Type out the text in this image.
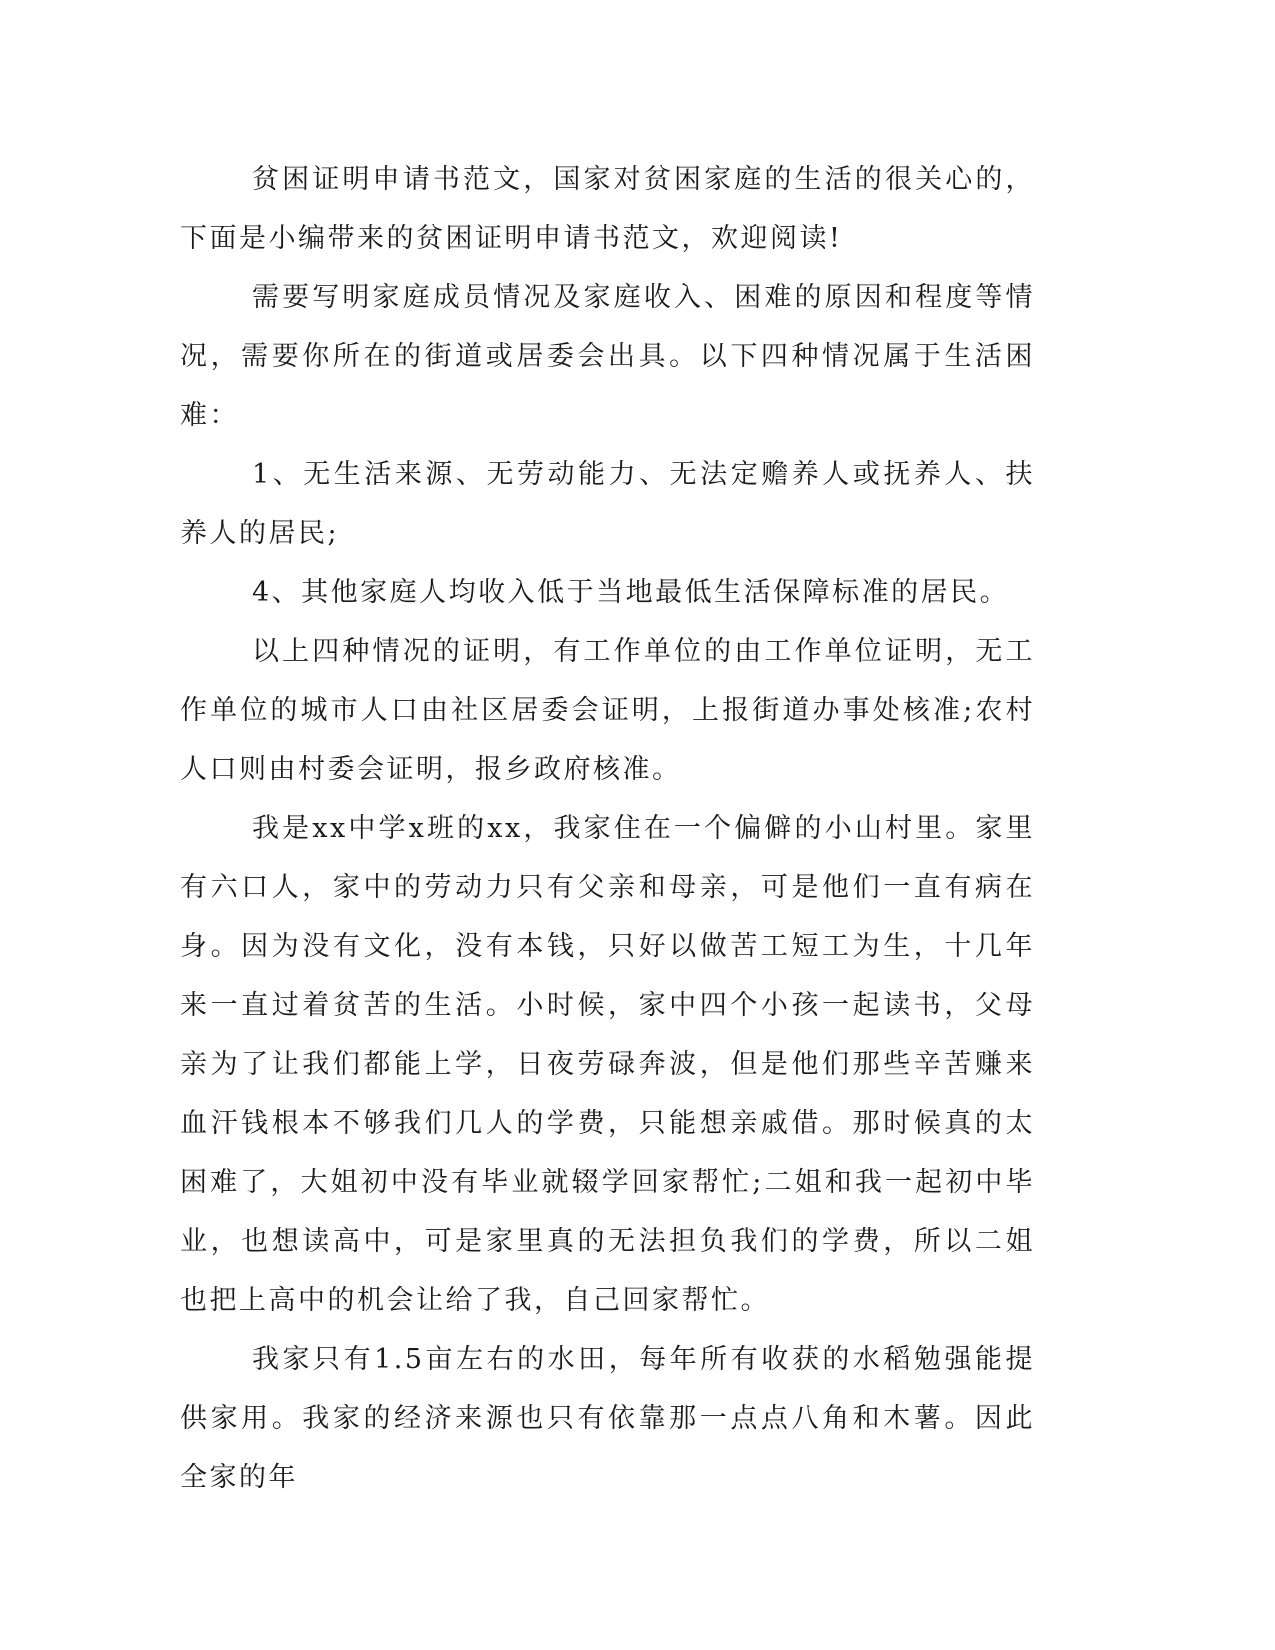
贫困证明申请书范文，国家对贫困家庭的生活的很关心的，下面是小编带来的贫困证明申请书范文，欢迎阅读!

需要写明家庭成员情况及家庭收入、困难的原因和程度等情况，需要你所在的街道或居委会出具。以下四种情况属于生活困难：

1、无生活来源、无劳动能力、无法定赡养人或抚养人、扶养人的居民;

4、其他家庭人均收入低于当地最低生活保障标准的居民。

以上四种情况的证明，有工作单位的由工作单位证明，无工作单位的城市人口由社区居委会证明，上报街道办事处核准;农村人口则由村委会证明，报乡政府核准。

我是xx中学x班的xx，我家住在一个偏僻的小山村里。家里有六口人，家中的劳动力只有父亲和母亲，可是他们一直有病在身。因为没有文化，没有本钱，只好以做苦工短工为生，十几年来一直过着贫苦的生活。小时候，家中四个小孩一起读书，父母亲为了让我们都能上学，日夜劳碌奔波，但是他们那些辛苦赚来血汗钱根本不够我们几人的学费，只能想亲戚借。那时候真的太困难了，大姐初中没有毕业就辍学回家帮忙;二姐和我一起初中毕业，也想读高中，可是家里真的无法担负我们的学费，所以二姐也把上高中的机会让给了我，自己回家帮忙。

我家只有1.5亩左右的水田，每年所有收获的水稻勉强能提供家用。我家的经济来源也只有依靠那一点点八角和木薯。因此全家的年
